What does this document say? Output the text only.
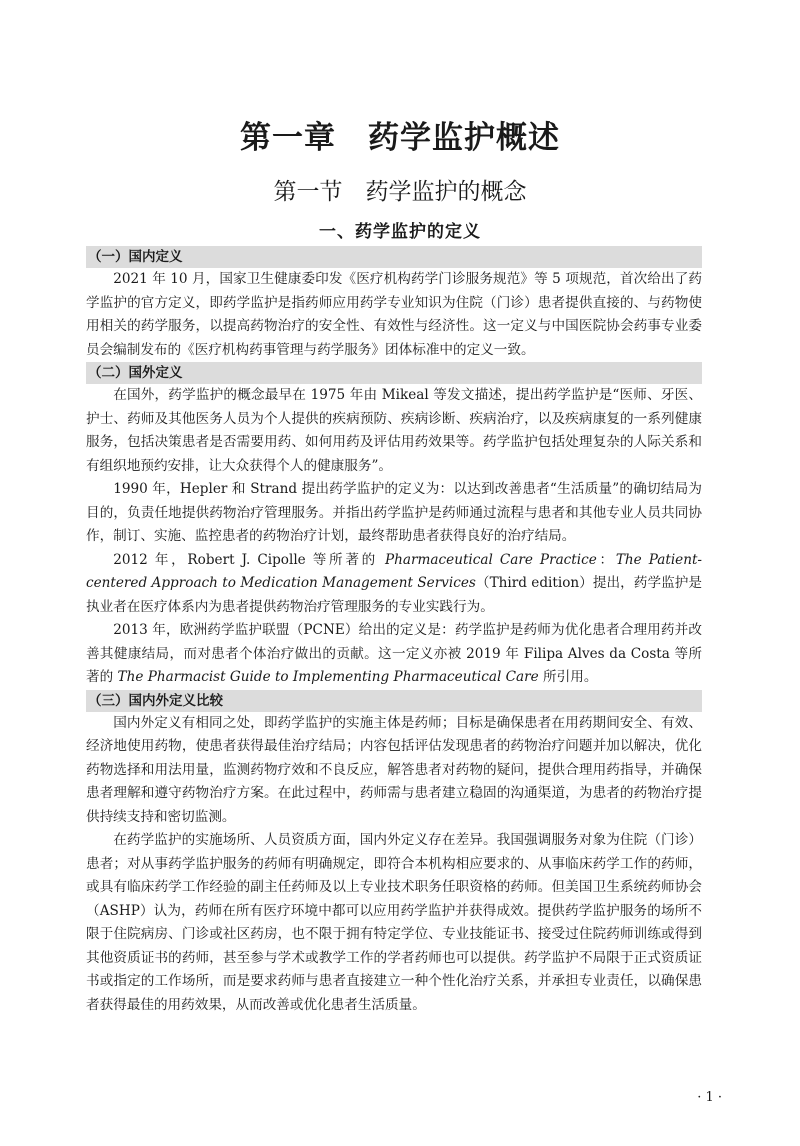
第一章　药学监护概述
第一节　药学监护的概念
一、药学监护的定义
（一）国内定义

2021 年 10 月，国家卫生健康委印发《医疗机构药学门诊服务规范》等 5 项规范，首次给出了药学监护的官方定义，即药学监护是指药师应用药学专业知识为住院（门诊）患者提供直接的、与药物使用相关的药学服务，以提高药物治疗的安全性、有效性与经济性。这一定义与中国医院协会药事专业委员会编制发布的《医疗机构药事管理与药学服务》团体标准中的定义一致。

（二）国外定义

在国外，药学监护的概念最早在 1975 年由 Mikeal 等发文描述，提出药学监护是“医师、牙医、护士、药师及其他医务人员为个人提供的疾病预防、疾病诊断、疾病治疗，以及疾病康复的一系列健康服务，包括决策患者是否需要用药、如何用药及评估用药效果等。药学监护包括处理复杂的人际关系和有组织地预约安排，让大众获得个人的健康服务”。

1990 年，Hepler 和 Strand 提出药学监护的定义为：以达到改善患者“生活质量”的确切结局为目的，负责任地提供药物治疗管理服务。并指出药学监护是药师通过流程与患者和其他专业人员共同协作，制订、实施、监控患者的药物治疗计划，最终帮助患者获得良好的治疗结局。

2012 年，Robert J. Cipolle 等所著的 Pharmaceutical Care Practice：The Patient-centered Approach to Medication Management Services（Third edition）提出，药学监护是执业者在医疗体系内为患者提供药物治疗管理服务的专业实践行为。

2013 年，欧洲药学监护联盟（PCNE）给出的定义是：药学监护是药师为优化患者合理用药并改善其健康结局，而对患者个体治疗做出的贡献。这一定义亦被 2019 年 Filipa Alves da Costa 等所著的 The Pharmacist Guide to Implementing Pharmaceutical Care 所引用。

（三）国内外定义比较

国内外定义有相同之处，即药学监护的实施主体是药师；目标是确保患者在用药期间安全、有效、经济地使用药物，使患者获得最佳治疗结局；内容包括评估发现患者的药物治疗问题并加以解决，优化药物选择和用法用量，监测药物疗效和不良反应，解答患者对药物的疑问，提供合理用药指导，并确保患者理解和遵守药物治疗方案。在此过程中，药师需与患者建立稳固的沟通渠道，为患者的药物治疗提供持续支持和密切监测。

在药学监护的实施场所、人员资质方面，国内外定义存在差异。我国强调服务对象为住院（门诊）患者；对从事药学监护服务的药师有明确规定，即符合本机构相应要求的、从事临床药学工作的药师，或具有临床药学工作经验的副主任药师及以上专业技术职务任职资格的药师。但美国卫生系统药师协会（ASHP）认为，药师在所有医疗环境中都可以应用药学监护并获得成效。提供药学监护服务的场所不限于住院病房、门诊或社区药房，也不限于拥有特定学位、专业技能证书、接受过住院药师训练或得到其他资质证书的药师，甚至参与学术或教学工作的学者药师也可以提供。药学监护不局限于正式资质证书或指定的工作场所，而是要求药师与患者直接建立一种个性化治疗关系，并承担专业责任，以确保患者获得最佳的用药效果，从而改善或优化患者生活质量。

· 1 ·
